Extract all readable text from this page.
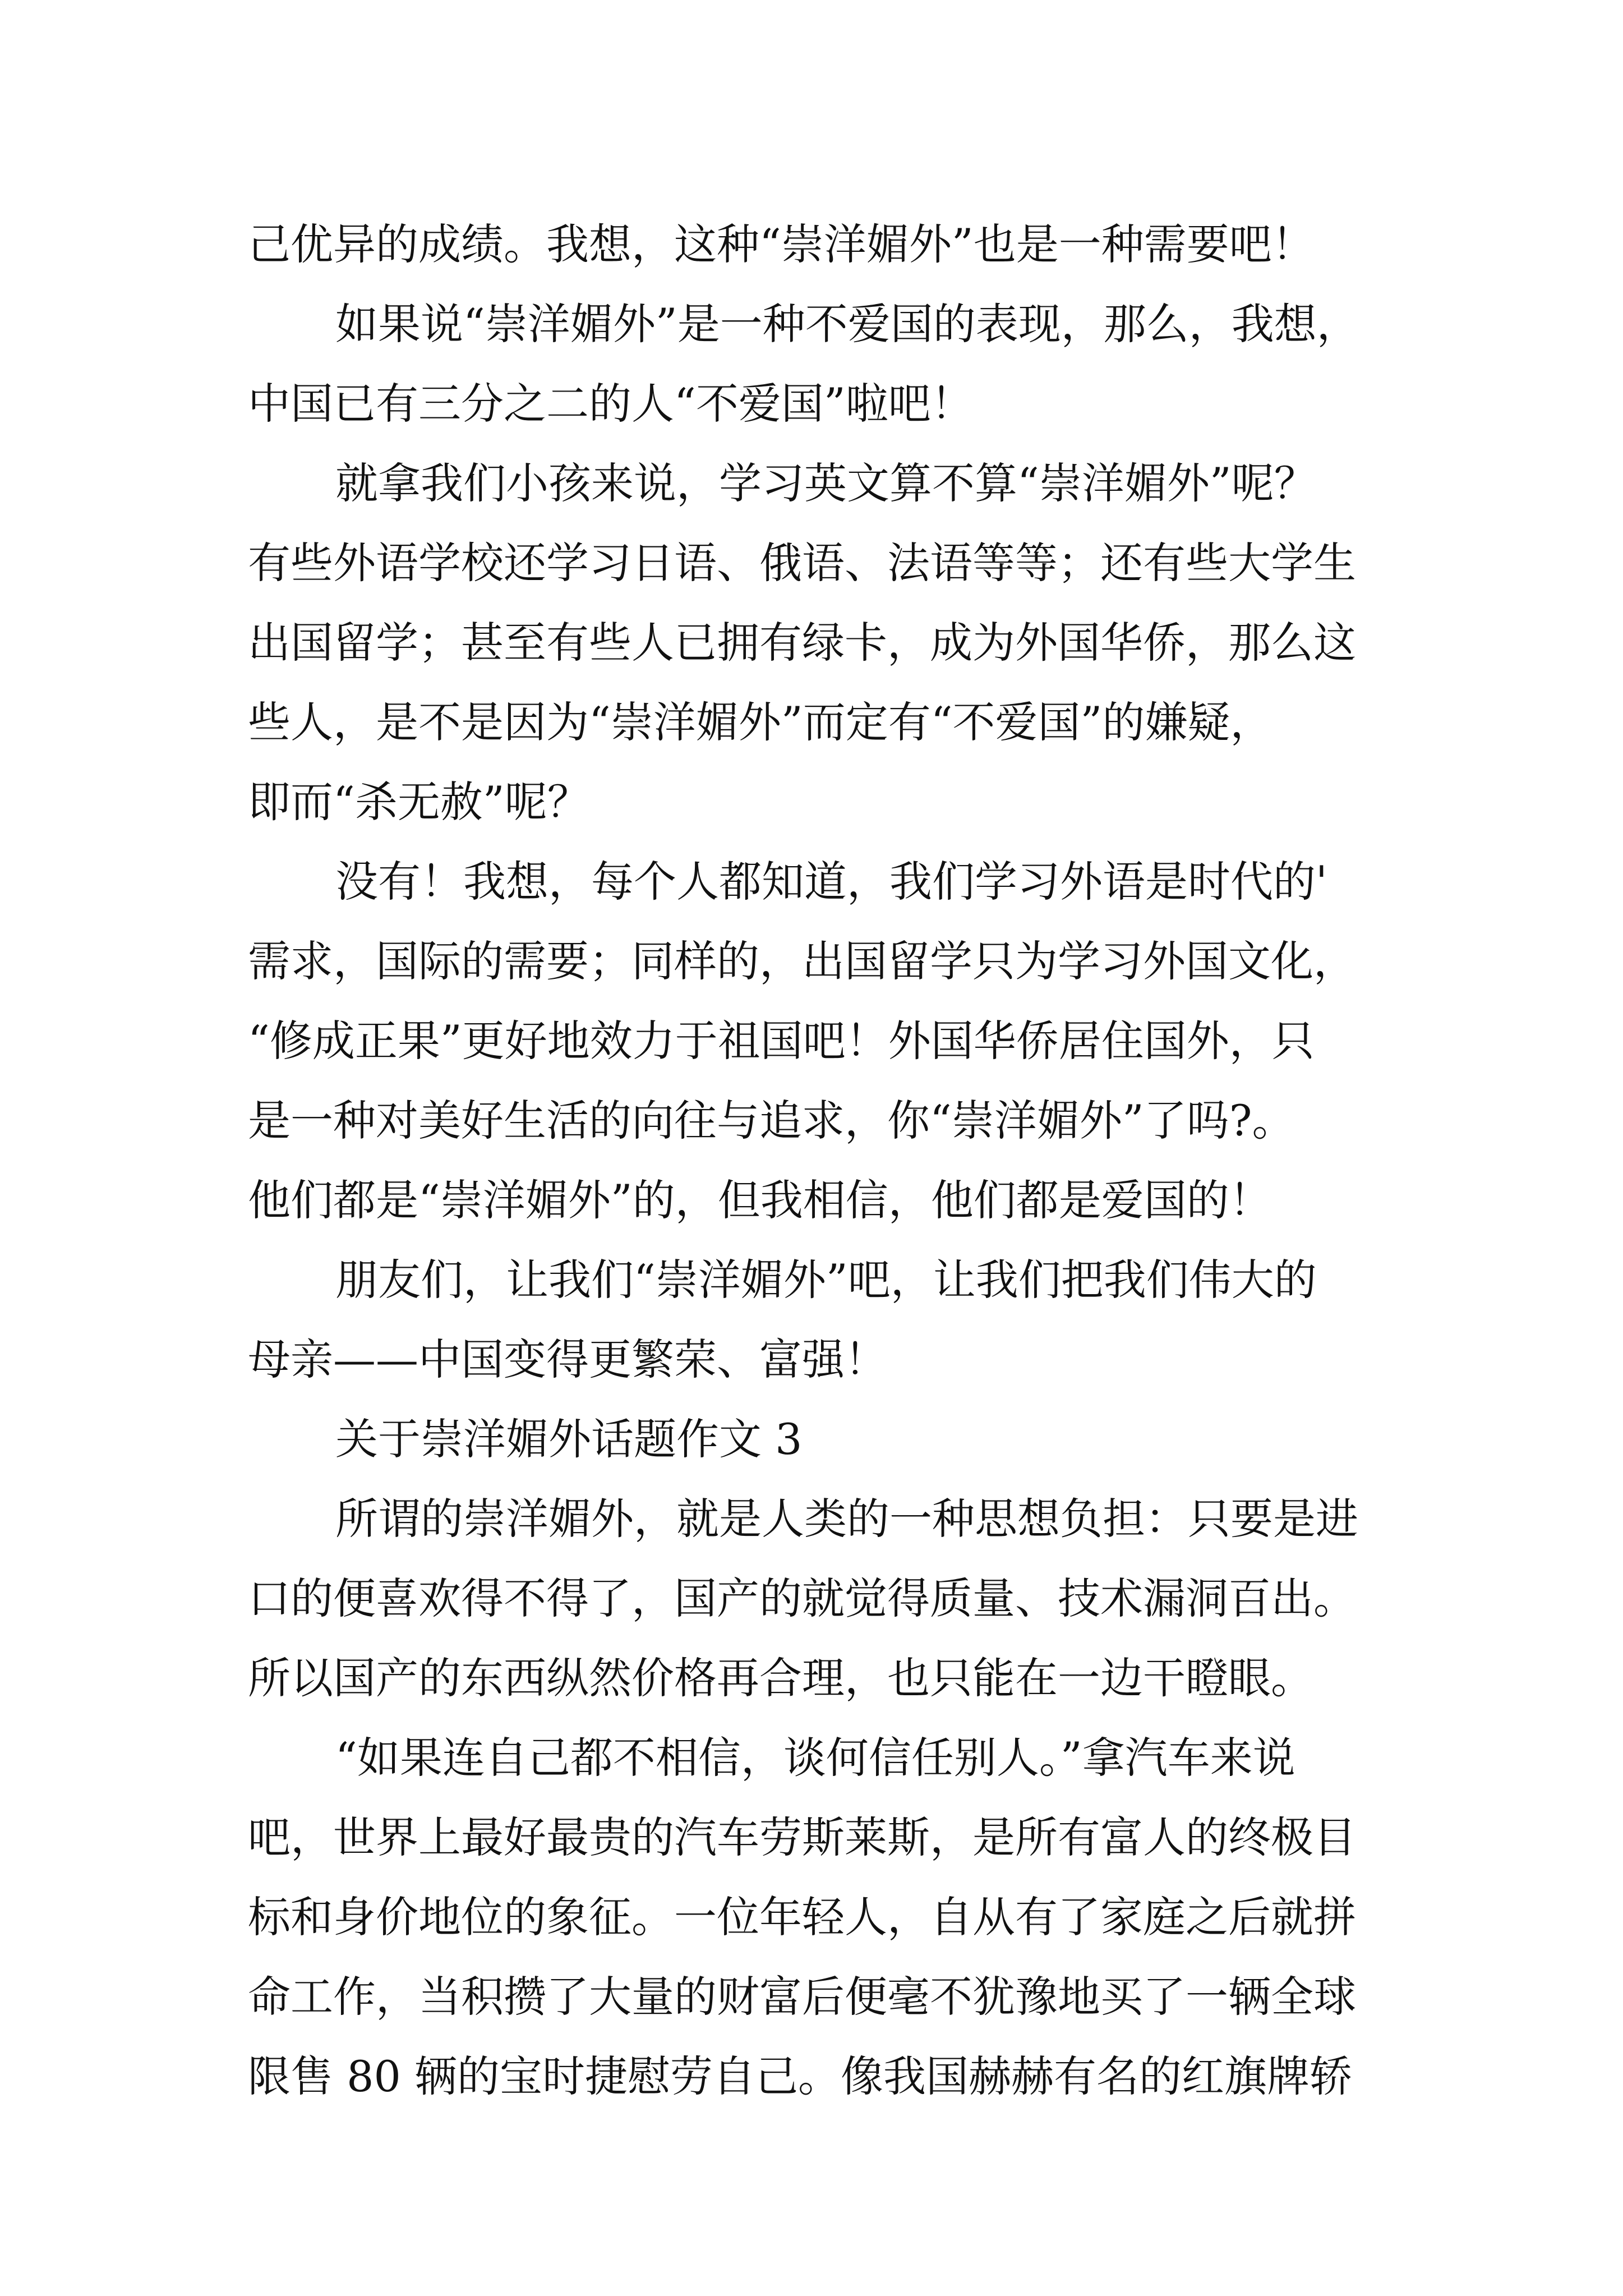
己优异的成绩。我想，这种“崇洋媚外”也是一种需要吧！
如果说“崇洋媚外”是一种不爱国的表现，那么，我想，
中国已有三分之二的人“不爱国”啦吧！
就拿我们小孩来说，学习英文算不算“崇洋媚外”呢？
有些外语学校还学习日语、俄语、法语等等；还有些大学生
出国留学；甚至有些人已拥有绿卡，成为外国华侨，那么这
些人，是不是因为“崇洋媚外”而定有“不爱国”的嫌疑，
即而“杀无赦”呢？
没有！我想，每个人都知道，我们学习外语是时代的'
需求，国际的需要；同样的，出国留学只为学习外国文化，
“修成正果”更好地效力于祖国吧！外国华侨居住国外，只
是一种对美好生活的向往与追求，你“崇洋媚外”了吗?。
他们都是“崇洋媚外”的，但我相信，他们都是爱国的！
朋友们，让我们“崇洋媚外”吧，让我们把我们伟大的
母亲——中国变得更繁荣、富强！
关于崇洋媚外话题作文 3
所谓的崇洋媚外，就是人类的一种思想负担：只要是进
口的便喜欢得不得了，国产的就觉得质量、技术漏洞百出。
所以国产的东西纵然价格再合理，也只能在一边干瞪眼。
“如果连自己都不相信，谈何信任别人。”拿汽车来说
吧，世界上最好最贵的汽车劳斯莱斯，是所有富人的终极目
标和身价地位的象征。一位年轻人，自从有了家庭之后就拼
命工作，当积攒了大量的财富后便毫不犹豫地买了一辆全球
限售 80 辆的宝时捷慰劳自己。像我国赫赫有名的红旗牌轿
